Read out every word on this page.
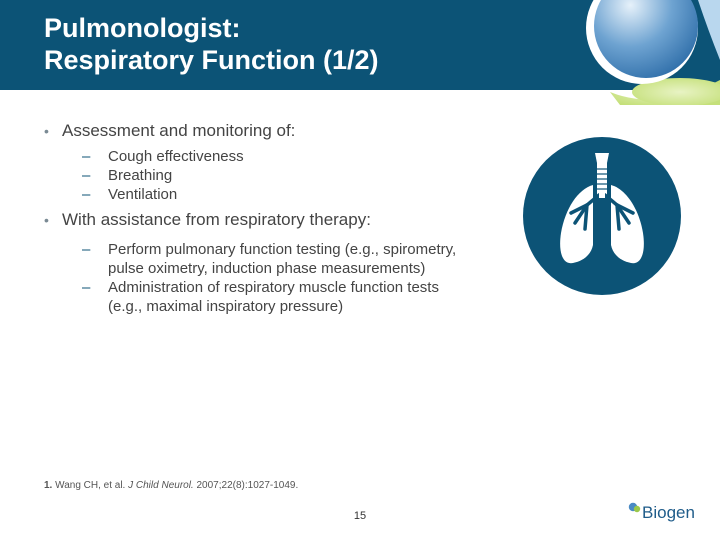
Pulmonologist:
Respiratory Function (1/2)
• Assessment and monitoring of:
– Cough effectiveness
– Breathing
– Ventilation
• With assistance from respiratory therapy:
– Perform pulmonary function testing (e.g., spirometry,
pulse oximetry, induction phase measurements)
– Administration of respiratory muscle function tests
(e.g., maximal inspiratory pressure)
1. Wang CH, et al. J Child Neurol. 2007;22(8):1027-1049.
15	Biogen
